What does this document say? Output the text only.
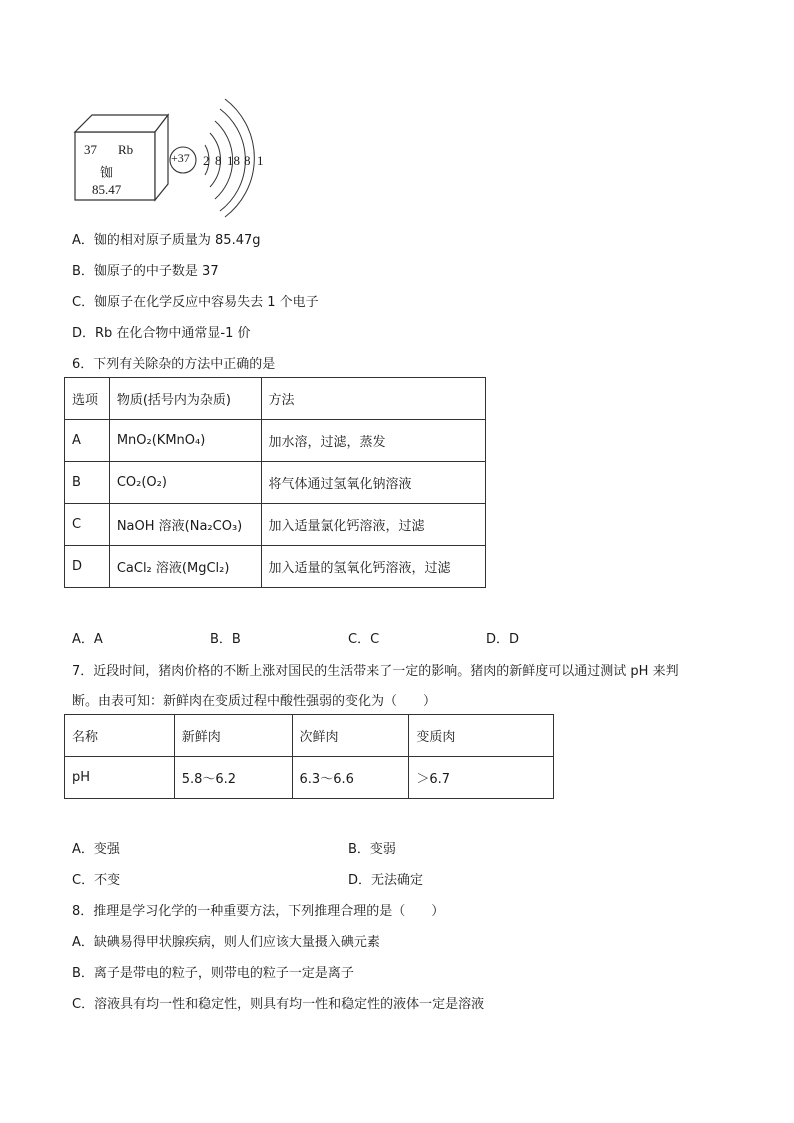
37 Rb
铷
85.47
+37 2 8 18 8 1
A．铷的相对原子质量为 85.47g
B．铷原子的中子数是 37
C．铷原子在化学反应中容易失去 1 个电子
D．Rb 在化合物中通常显-1 价
6．下列有关除杂的方法中正确的是
选项	物质(括号内为杂质)	方法
A	MnO₂(KMnO₄)	加水溶，过滤，蒸发
B	CO₂(O₂)	将气体通过氢氧化钠溶液
C	NaOH 溶液(Na₂CO₃)	加入适量氯化钙溶液，过滤
D	CaCl₂ 溶液(MgCl₂)	加入适量的氢氧化钙溶液，过滤
A．A	B．B	C．C	D．D
7．近段时间，猪肉价格的不断上涨对国民的生活带来了一定的影响。猪肉的新鲜度可以通过测试 pH 来判
断。由表可知：新鲜肉在变质过程中酸性强弱的变化为（　　）
名称	新鲜肉	次鲜肉	变质肉
pH	5.8～6.2	6.3～6.6	＞6.7
A．变强	B．变弱
C．不变	D．无法确定
8．推理是学习化学的一种重要方法，下列推理合理的是（　　）
A．缺碘易得甲状腺疾病，则人们应该大量摄入碘元素
B．离子是带电的粒子，则带电的粒子一定是离子
C．溶液具有均一性和稳定性，则具有均一性和稳定性的液体一定是溶液
